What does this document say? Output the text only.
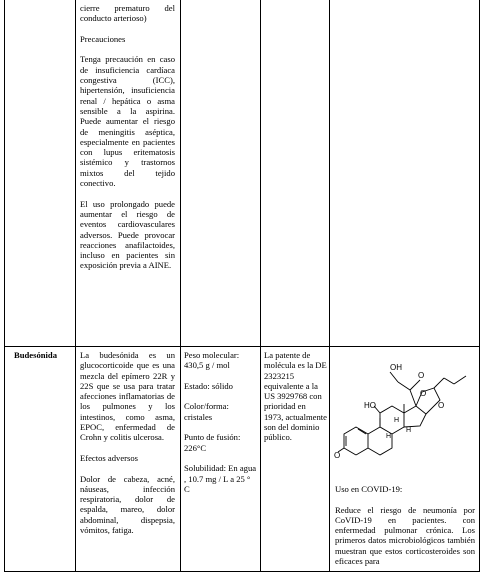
cierre prematuro del conducto arterioso)

Precauciones

Tenga precaución en caso de insuficiencia cardíaca congestiva (ICC), hipertensión, insuficiencia renal / hepática o asma sensible a la aspirina. Puede aumentar el riesgo de meningitis aséptica, especialmente en pacientes con lupus eritematosis sistémico y trastornos mixtos del tejido conectivo.

El uso prolongado puede aumentar el riesgo de eventos cardiovasculares adversos. Puede provocar reacciones anafilactoides, incluso en pacientes sin exposición previa a AINE.

Budesónida	La budesónida es un glucocorticoide que es una mezcla del epímero 22R y 22S que se usa para tratar afecciones inflamatorias de los pulmones y los intestinos, como asma, EPOC, enfermedad de Crohn y colitis ulcerosa.

Efectos adversos

Dolor de cabeza, acné, náuseas, infección respiratoria, dolor de espalda, mareo, dolor abdominal, dispepsia, vómitos, fatiga.

Peso molecular: 430,5 g / mol

Estado: sólido

Color/forma: cristales

Punto de fusión: 226°C

Solubilidad: En agua , 10.7 mg / L a 25 ° C

La patente de molécula es la DE 2323215 equivalente a la US 3929768 con prioridad en 1973, actualmente son del dominio público.

O
OH
O
O
HO
H
H
H
O

Uso en COVID-19:

Reduce el riesgo de neumonía por CoVID-19 en pacientes. con enfermedad pulmonar crónica. Los primeros datos microbiológicos también muestran que estos corticosteroides son eficaces para
